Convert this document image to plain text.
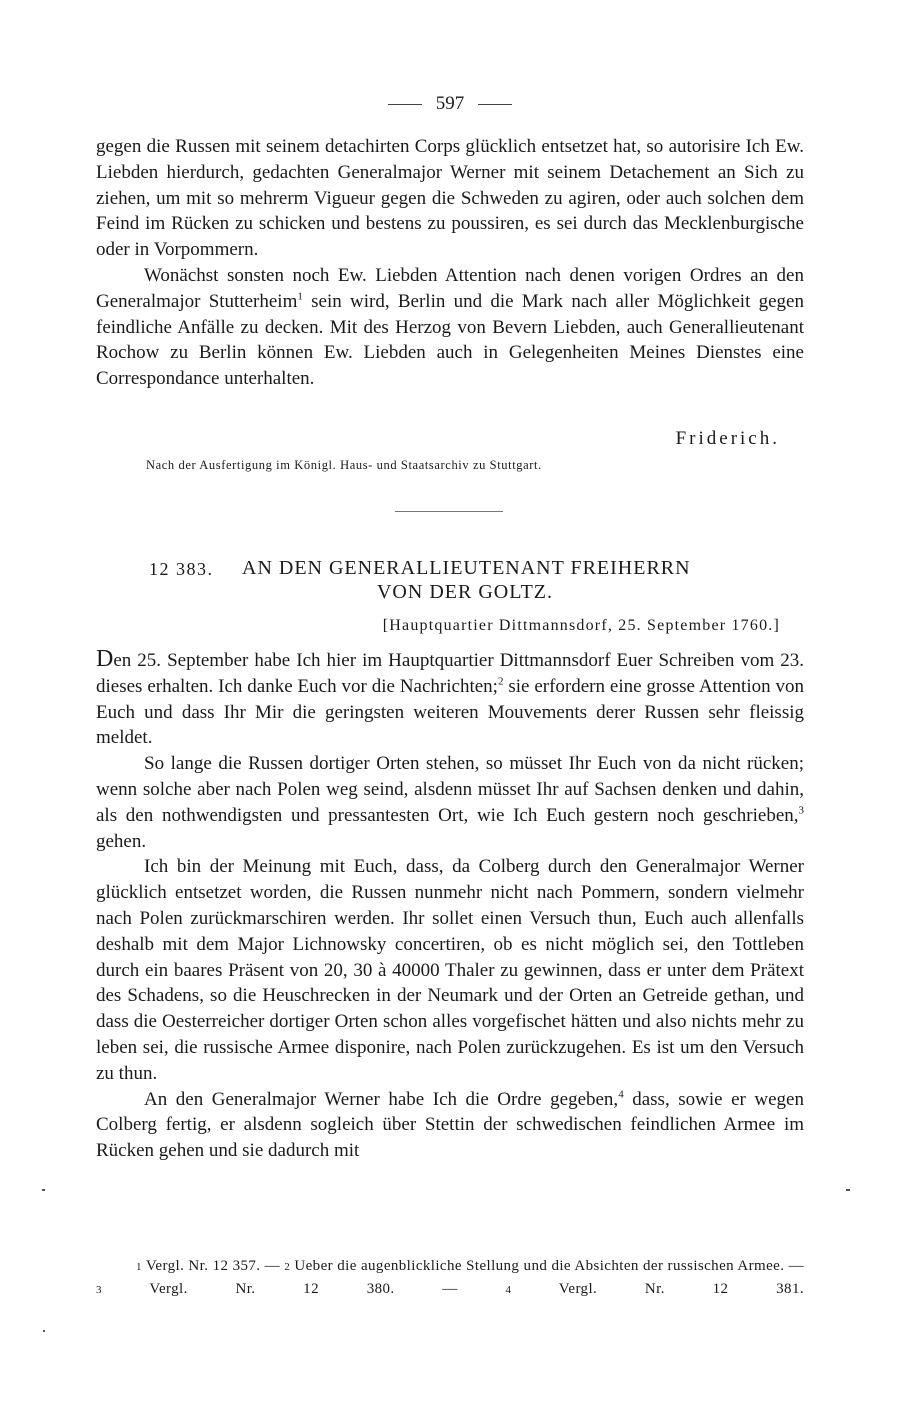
597

gegen die Russen mit seinem detachirten Corps glücklich entsetzet hat, so autorisire Ich Ew. Liebden hierdurch, gedachten Generalmajor Werner mit seinem Detachement an Sich zu ziehen, um mit so mehrerm Vigueur gegen die Schweden zu agiren, oder auch solchen dem Feind im Rücken zu schicken und bestens zu poussiren, es sei durch das Mecklenburgische oder in Vorpommern.

Wonächst sonsten noch Ew. Liebden Attention nach denen vorigen Ordres an den Generalmajor Stutterheim$^1$ sein wird, Berlin und die Mark nach aller Möglichkeit gegen feindliche Anfälle zu decken. Mit des Herzog von Bevern Liebden, auch Generallieutenant Rochow zu Berlin können Ew. Liebden auch in Gelegenheiten Meines Dienstes eine Correspondance unterhalten.

Friderich.
Nach der Ausfertigung im Königl. Haus- und Staatsarchiv zu Stuttgart.
12 383. AN DEN GENERALLIEUTENANT FREIHERRN
VON DER GOLTZ.
[Hauptquartier Dittmannsdorf, 25. September 1760.]

Den 25. September habe Ich hier im Hauptquartier Dittmannsdorf Euer Schreiben vom 23. dieses erhalten. Ich danke Euch vor die Nachrichten;$^2$ sie erfordern eine grosse Attention von Euch und dass Ihr Mir die geringsten weiteren Mouvements derer Russen sehr fleissig meldet.

So lange die Russen dortiger Orten stehen, so müsset Ihr Euch von da nicht rücken; wenn solche aber nach Polen weg seind, alsdenn müsset Ihr auf Sachsen denken und dahin, als den nothwendigsten und pressantesten Ort, wie Ich Euch gestern noch geschrieben,$^3$ gehen.

Ich bin der Meinung mit Euch, dass, da Colberg durch den Generalmajor Werner glücklich entsetzet worden, die Russen nunmehr nicht nach Pommern, sondern vielmehr nach Polen zurückmarschiren werden. Ihr sollet einen Versuch thun, Euch auch allenfalls deshalb mit dem Major Lichnowsky concertiren, ob es nicht möglich sei, den Tottleben durch ein baares Präsent von 20, 30 à 40000 Thaler zu gewinnen, dass er unter dem Prätext des Schadens, so die Heuschrecken in der Neumark und der Orten an Getreide gethan, und dass die Oesterreicher dortiger Orten schon alles vorgefischet hätten und also nichts mehr zu leben sei, die russische Armee disponire, nach Polen zurückzugehen. Es ist um den Versuch zu thun.

An den Generalmajor Werner habe Ich die Ordre gegeben,$^4$ dass, sowie er wegen Colberg fertig, er alsdenn sogleich über Stettin der schwedischen feindlichen Armee im Rücken gehen und sie dadurch mit

1 Vergl. Nr. 12 357. — 2 Ueber die augenblickliche Stellung und die Absichten der russischen Armee. — 3 Vergl. Nr. 12 380. — 4 Vergl. Nr. 12 381.
